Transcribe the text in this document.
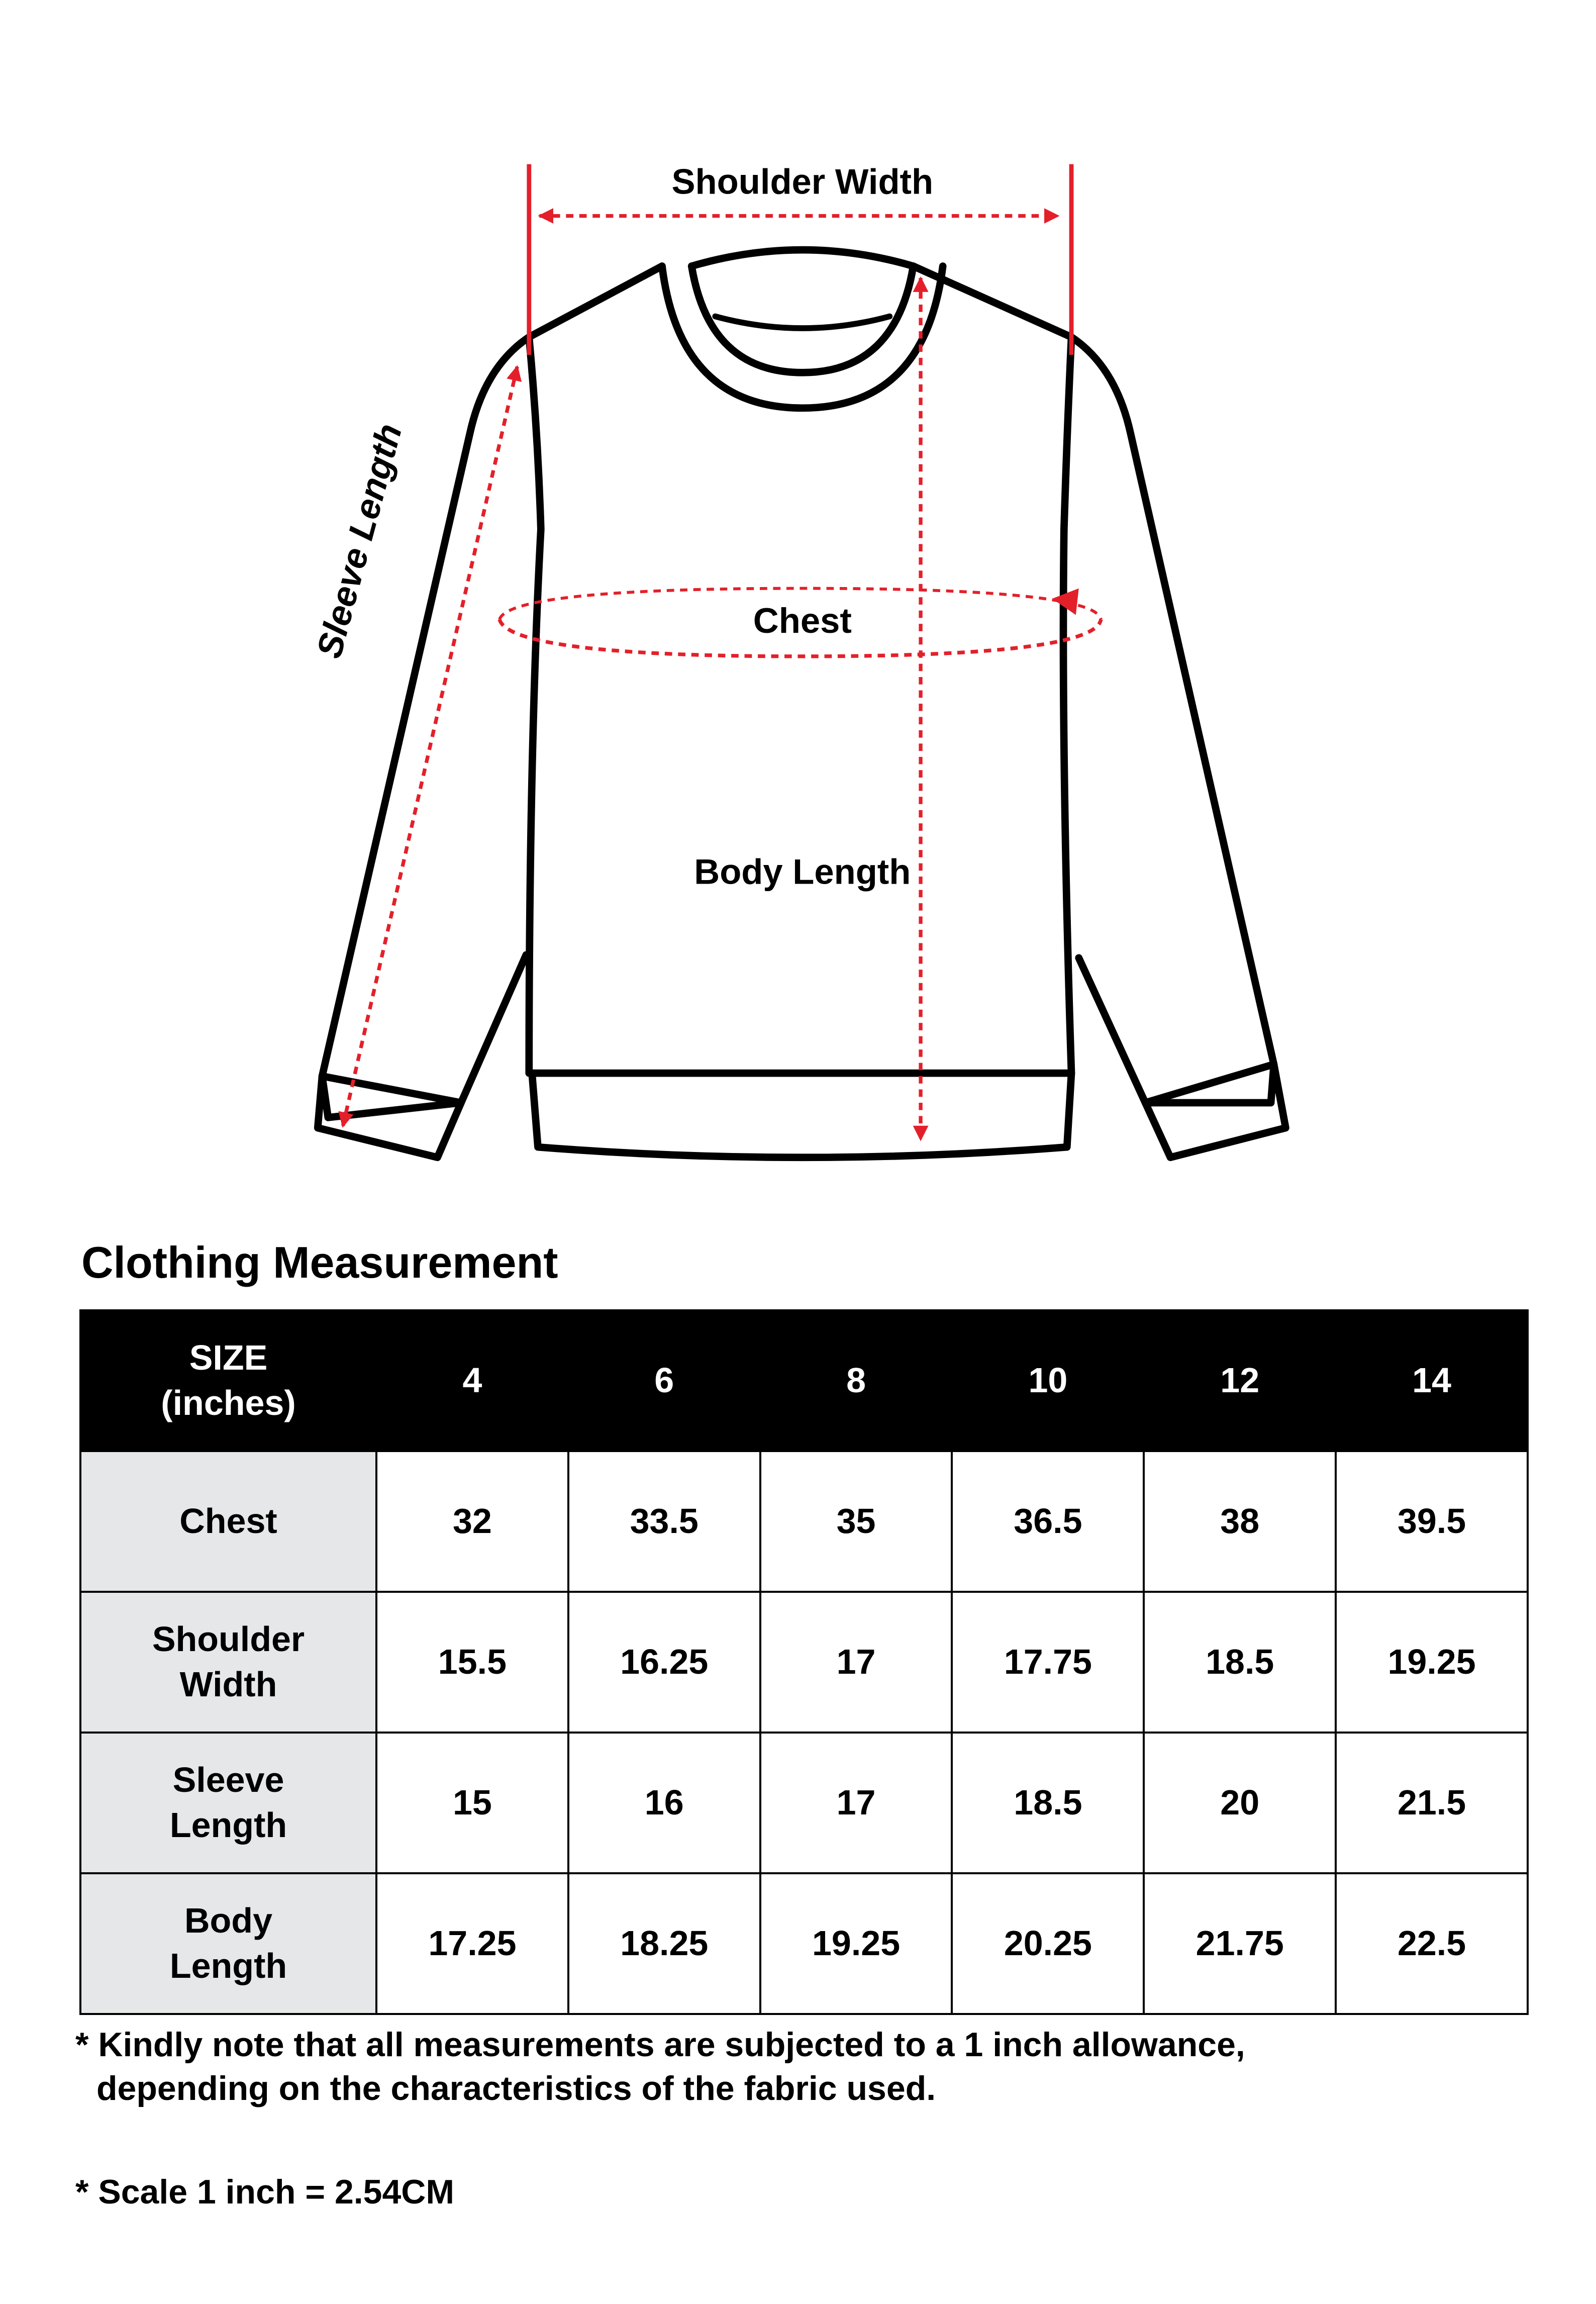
Shoulder Width
Chest
Body Length
Sleeve Length
Clothing Measurement
SIZE
(inches)	4	6	8	10	12	14

Chest	32	33.5	35	36.5	38	39.5

Shoulder
Width	15.5	16.25	17	17.75	18.5	19.25

Sleeve
Length	15	16	17	18.5	20	21.5

Body
Length	17.25	18.25	19.25	20.25	21.75	22.5

* Kindly note that all measurements are subjected to a 1 inch allowance,
depending on the characteristics of the fabric used.

* Scale 1 inch = 2.54CM
